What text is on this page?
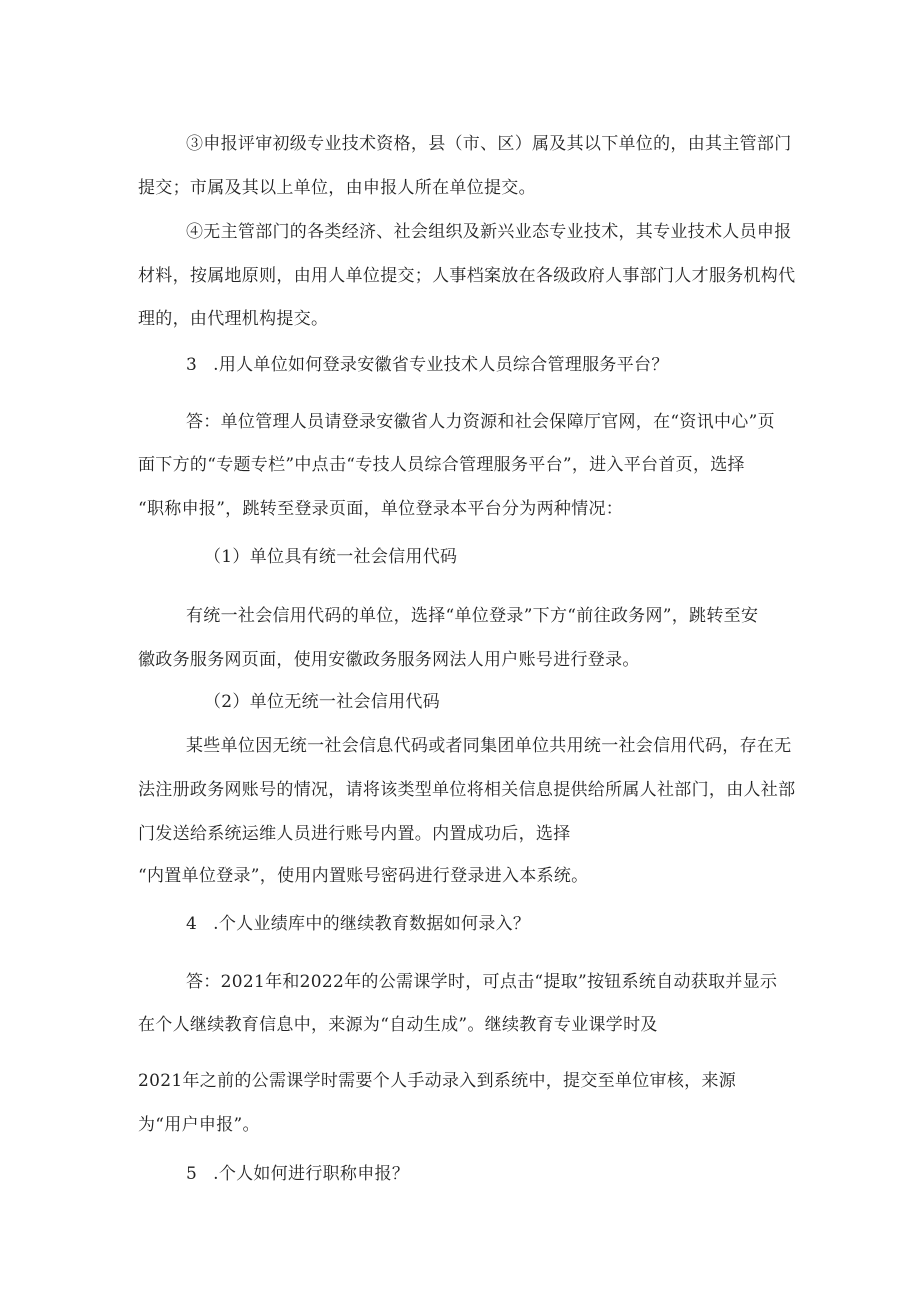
③申报评审初级专业技术资格，县（市、区）属及其以下单位的，由其主管部门
提交；市属及其以上单位，由申报人所在单位提交。
④无主管部门的各类经济、社会组织及新兴业态专业技术，其专业技术人员申报
材料，按属地原则，由用人单位提交；人事档案放在各级政府人事部门人才服务机构代
理的，由代理机构提交。
3 .用人单位如何登录安徽省专业技术人员综合管理服务平台？
答：单位管理人员请登录安徽省人力资源和社会保障厅官网，在“资讯中心”页
面下方的“专题专栏”中点击“专技人员综合管理服务平台”，进入平台首页，选择
“职称申报”，跳转至登录页面，单位登录本平台分为两种情况：
（1）单位具有统一社会信用代码
有统一社会信用代码的单位，选择“单位登录”下方“前往政务网”，跳转至安
徽政务服务网页面，使用安徽政务服务网法人用户账号进行登录。
（2）单位无统一社会信用代码
某些单位因无统一社会信息代码或者同集团单位共用统一社会信用代码，存在无
法注册政务网账号的情况，请将该类型单位将相关信息提供给所属人社部门，由人社部
门发送给系统运维人员进行账号内置。内置成功后，选择
“内置单位登录”，使用内置账号密码进行登录进入本系统。
4 .个人业绩库中的继续教育数据如何录入？
答：2021年和2022年的公需课学时，可点击“提取”按钮系统自动获取并显示
在个人继续教育信息中，来源为“自动生成”。继续教育专业课学时及
2021年之前的公需课学时需要个人手动录入到系统中，提交至单位审核，来源
为“用户申报”。
5 .个人如何进行职称申报？
